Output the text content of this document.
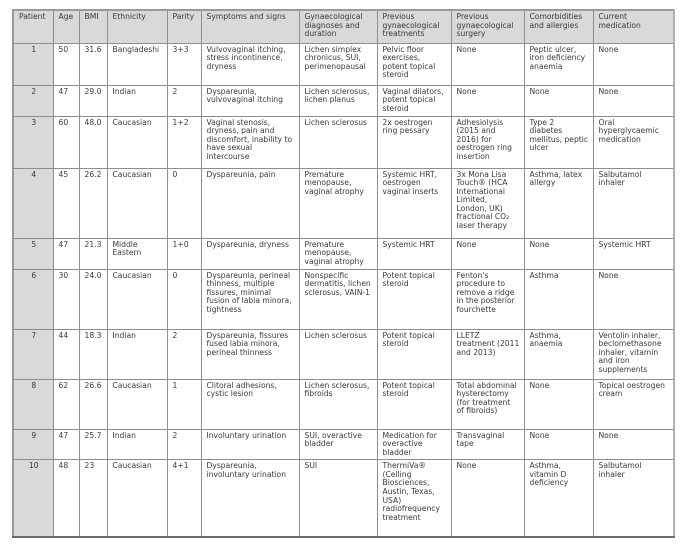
Patient	Age	BMI	Ethnicity	Parity	Symptoms and signs	Gynaecological diagnoses and duration	Previous gynaecological treatments	Previous gynaecological surgery	Comorbidities and allergies	Current medication
1	50	31.6	Bangladeshi	3+3	Vulvovaginal itching, stress incontinence, dryness	Lichen simplex chronicus, SUI, perimenopausal	Pelvic floor exercises, potent topical steroid	None	Peptic ulcer, iron deficiency anaemia	None
2	47	29.0	Indian	2	Dyspareunia, vulvovaginal itching	Lichen sclerosus, lichen planus	Vaginal dilators, potent topical steroid	None	None	None
3	60	48.0	Caucasian	1+2	Vaginal stenosis, dryness, pain and discomfort, inability to have sexual intercourse	Lichen sclerosus	2x oestrogen ring pessary	Adhesiolysis (2015 and 2016) for oestrogen ring insertion	Type 2 diabetes mellitus, peptic ulcer	Oral hyperglycaemic medication
4	45	26.2	Caucasian	0	Dyspareunia, pain	Premature menopause, vaginal atrophy	Systemic HRT, oestrogen vaginal inserts	3x Mona Lisa Touch® (HCA International Limited, London, UK) fractional CO₂ laser therapy	Asthma, latex allergy	Salbutamol inhaler
5	47	21.3	Middle Eastern	1+0	Dyspareunia, dryness	Premature menopause, vaginal atrophy	Systemic HRT	None	None	Systemic HRT
6	30	24.0	Caucasian	0	Dyspareunia, perineal thinness, multiple fissures, minimal fusion of labia minora, tightness	Nonspecific dermatitis, lichen sclerosus, VAIN-1	Potent topical steroid	Fenton's procedure to remove a ridge in the posterior fourchette	Asthma	None
7	44	18.3	Indian	2	Dyspareunia, fissures fused labia minora, perineal thinness	Lichen sclerosus	Potent topical steroid	LLETZ treatment (2011 and 2013)	Asthma, anaemia	Ventolin inhaler, beclomethasone inhaler, vitamin and iron supplements
8	62	26.6	Caucasian	1	Clitoral adhesions, cystic lesion	Lichen sclerosus, fibroids	Potent topical steroid	Total abdominal hysterectomy (for treatment of fibroids)	None	Topical oestrogen cream
9	47	25.7	Indian	2	Involuntary urination	SUI, overactive bladder	Medication for overactive bladder	Transvaginal tape	None	None
10	48	23	Caucasian	4+1	Dyspareunia, involuntary urination	SUI	ThermiVa® (Celling Biosciences, Austin, Texas, USA) radiofrequency treatment	None	Asthma, vitamin D deficiency	Salbutamol inhaler
